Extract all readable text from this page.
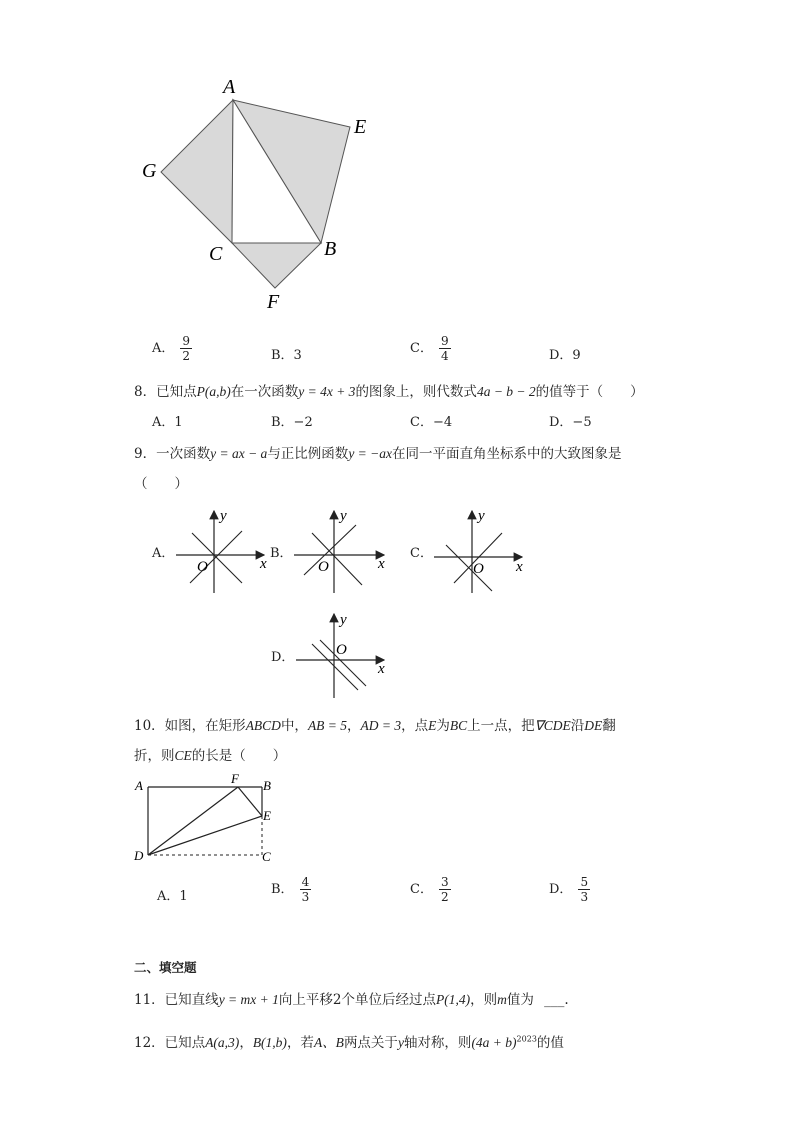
A
E
G
C	B
F
A． $\frac{9}{2}$	B．3	C． $\frac{9}{4}$	D．9
8．已知点P(a,b)在一次函数y = 4x + 3的图象上，则代数式4a − b − 2的值等于（　　）
A．1	B．−2	C．−4	D．−5
9．一次函数y = ax − a与正比例函数y = −ax在同一平面直角坐标系中的大致图象是
（　　）
A．	B．	C．
D．
y
x
O
y
x
O
y
x
O
y
x
O
10．如图，在矩形ABCD中，AB = 5，AD = 3，点E为BC上一点，把∇CDE沿DE翻
折，则CE的长是（　　）
A	F B
E
D	C
A．1	B． $\frac{4}{3}$	C． $\frac{3}{2}$	D． $\frac{5}{3}$
二、填空题
11．已知直线y = mx + 1向上平移2个单位后经过点P(1,4)，则m值为 ___.
12．已知点A(a,3)，B(1,b)，若A、B两点关于y轴对称，则$(4a + b)^{2023}$的值
